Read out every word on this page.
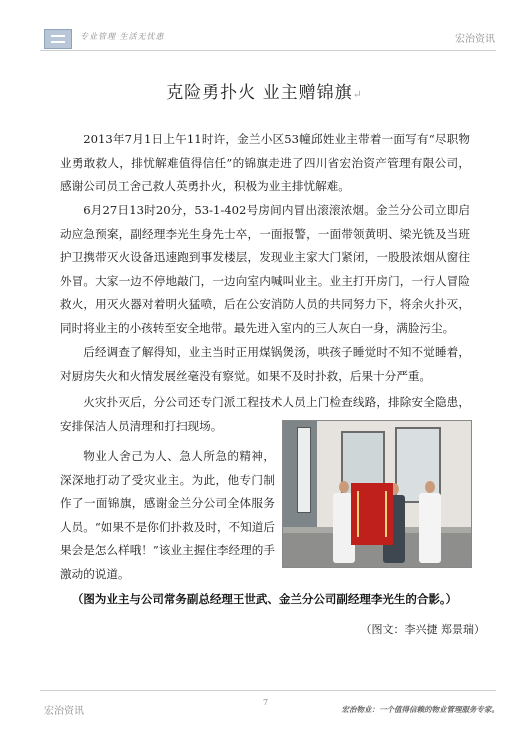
专业管理 生活无忧患	宏治资讯
克险勇扑火 业主赠锦旗↵

2013年7月1日上午11时许，金兰小区53幢邱姓业主带着一面写有“尽职物业勇敢救人，排忧解难值得信任”的锦旗走进了四川省宏治资产管理有限公司，感谢公司员工舍己救人英勇扑火，积极为业主排忧解难。

6月27日13时20分，53-1-402号房间内冒出滚滚浓烟。金兰分公司立即启动应急预案，副经理李光生身先士卒，一面报警，一面带领黄明、梁光铣及当班护卫携带灭火设备迅速跑到事发楼层，发现业主家大门紧闭，一股股浓烟从窗往外冒。大家一边不停地敲门，一边向室内喊叫业主。业主打开房门，一行人冒险救火，用灭火器对着明火猛喷，后在公安消防人员的共同努力下，将余火扑灭，同时将业主的小孩转至安全地带。最先进入室内的三人灰白一身，满脸污尘。

后经调查了解得知，业主当时正用煤锅煲汤，哄孩子睡觉时不知不觉睡着，对厨房失火和火情发展丝毫没有察觉。如果不及时扑救，后果十分严重。

火灾扑灭后，分公司还专门派工程技术人员上门检查线路，排除安全隐患，安排保洁人员清理和打扫现场。

物业人舍己为人、急人所急的精神，深深地打动了受灾业主。为此，他专门制作了一面锦旗，感谢金兰分公司全体服务人员。“如果不是你们扑救及时，不知道后果会是怎么样哦！”该业主握住李经理的手激动的说道。

（图为业主与公司常务副总经理王世武、金兰分公司副经理李光生的合影。）
（图文：李兴捷 郑景瑞）
宏治资讯
7
宏治物业：一个值得信赖的物业管理服务专家。
